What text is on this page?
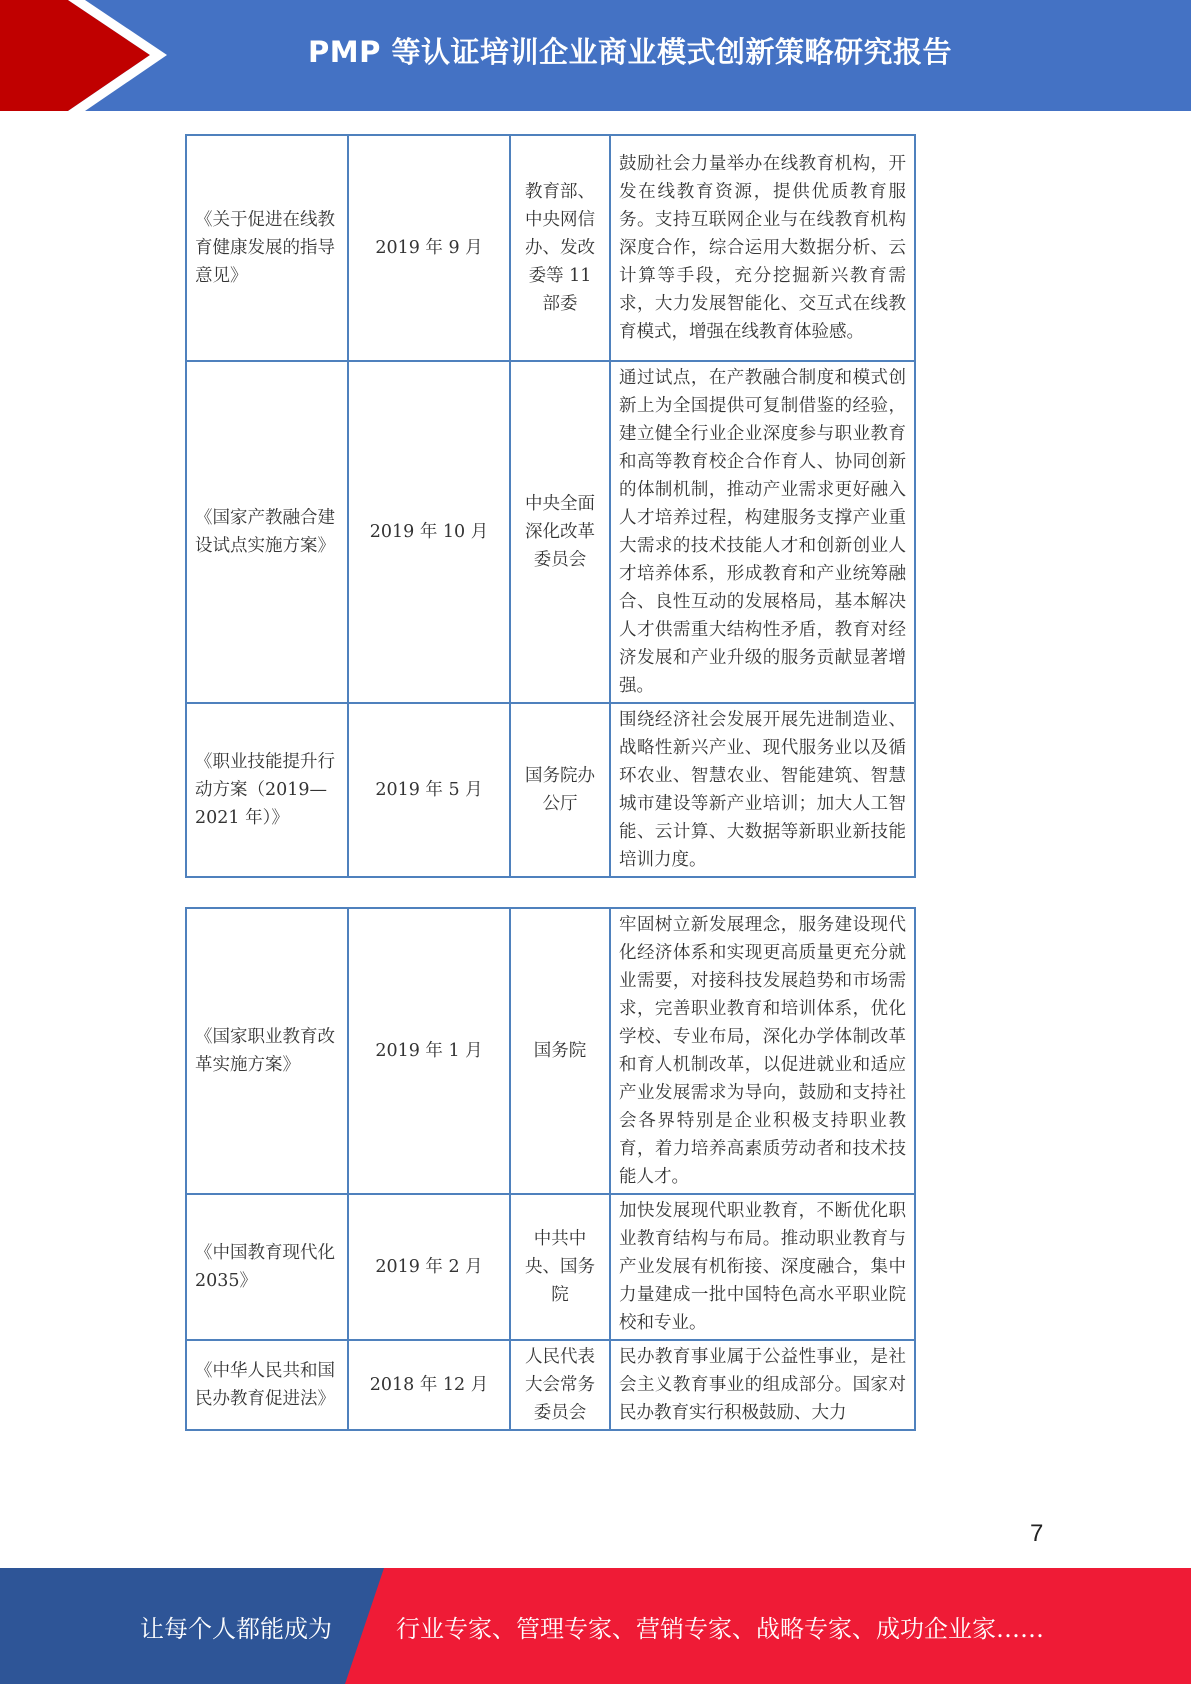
PMP 等认证培训企业商业模式创新策略研究报告
《关于促进在线教育健康发展的指导意见》	2019 年 9 月	教育部、中央网信办、发改委等 11 部委	鼓励社会力量举办在线教育机构，开发在线教育资源，提供优质教育服务。支持互联网企业与在线教育机构深度合作，综合运用大数据分析、云计算等手段，充分挖掘新兴教育需求，大力发展智能化、交互式在线教育模式，增强在线教育体验感。
《国家产教融合建设试点实施方案》	2019 年 10 月	中央全面深化改革委员会	通过试点，在产教融合制度和模式创新上为全国提供可复制借鉴的经验，建立健全行业企业深度参与职业教育和高等教育校企合作育人、协同创新的体制机制，推动产业需求更好融入人才培养过程，构建服务支撑产业重大需求的技术技能人才和创新创业人才培养体系，形成教育和产业统筹融合、良性互动的发展格局，基本解决人才供需重大结构性矛盾，教育对经济发展和产业升级的服务贡献显著增强。
《职业技能提升行动方案（2019—2021 年）》	2019 年 5 月	国务院办公厅	围绕经济社会发展开展先进制造业、战略性新兴产业、现代服务业以及循环农业、智慧农业、智能建筑、智慧城市建设等新产业培训；加大人工智能、云计算、大数据等新职业新技能培训力度。
《国家职业教育改革实施方案》	2019 年 1 月	国务院	牢固树立新发展理念，服务建设现代化经济体系和实现更高质量更充分就业需要，对接科技发展趋势和市场需求，完善职业教育和培训体系，优化学校、专业布局，深化办学体制改革和育人机制改革，以促进就业和适应产业发展需求为导向，鼓励和支持社会各界特别是企业积极支持职业教育，着力培养高素质劳动者和技术技能人才。
《中国教育现代化 2035》	2019 年 2 月	中共中央、国务院	加快发展现代职业教育，不断优化职业教育结构与布局。推动职业教育与产业发展有机衔接、深度融合，集中力量建成一批中国特色高水平职业院校和专业。
《中华人民共和国民办教育促进法》	2018 年 12 月	人民代表大会常务委员会	民办教育事业属于公益性事业，是社会主义教育事业的组成部分。国家对民办教育实行积极鼓励、大力
7
让每个人都能成为	行业专家、管理专家、营销专家、战略专家、成功企业家……
